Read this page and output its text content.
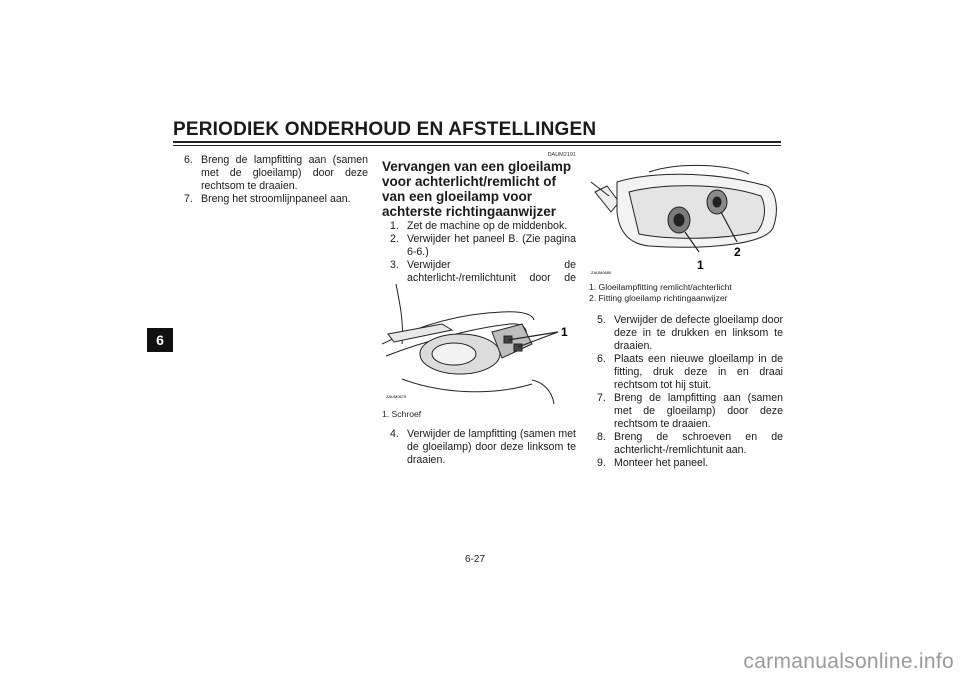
PERIODIEK ONDERHOUD EN AFSTELLINGEN
6
6. Breng de lampfitting aan (samen met de gloeilamp) door deze rechtsom te draaien.
7. Breng het stroomlijnpaneel aan.
DAUM2191
Vervangen van een gloeilamp voor achterlicht/remlicht of van een gloeilamp voor achterste richtingaanwijzer
1. Zet de machine op de middenbok.
2. Verwijder het paneel B. (Zie pagina 6-6.)
3. Verwijder de achterlicht-/remlichtunit door de schroeven los te draaien.
1
ZAUM0679
1. Schroef
4. Verwijder de lampfitting (samen met de gloeilamp) door deze linksom te draaien.
1
2
ZAUM0680
1. Gloeilampfitting remlicht/achterlicht
2. Fitting gloeilamp richtingaanwijzer
5. Verwijder de defecte gloeilamp door deze in te drukken en linksom te draaien.
6. Plaats een nieuwe gloeilamp in de fitting, druk deze in en draai rechtsom tot hij stuit.
7. Breng de lampfitting aan (samen met de gloeilamp) door deze rechtsom te draaien.
8. Breng de schroeven en de achterlicht-/remlichtunit aan.
9. Monteer het paneel.
6-27
carmanualsonline.info
